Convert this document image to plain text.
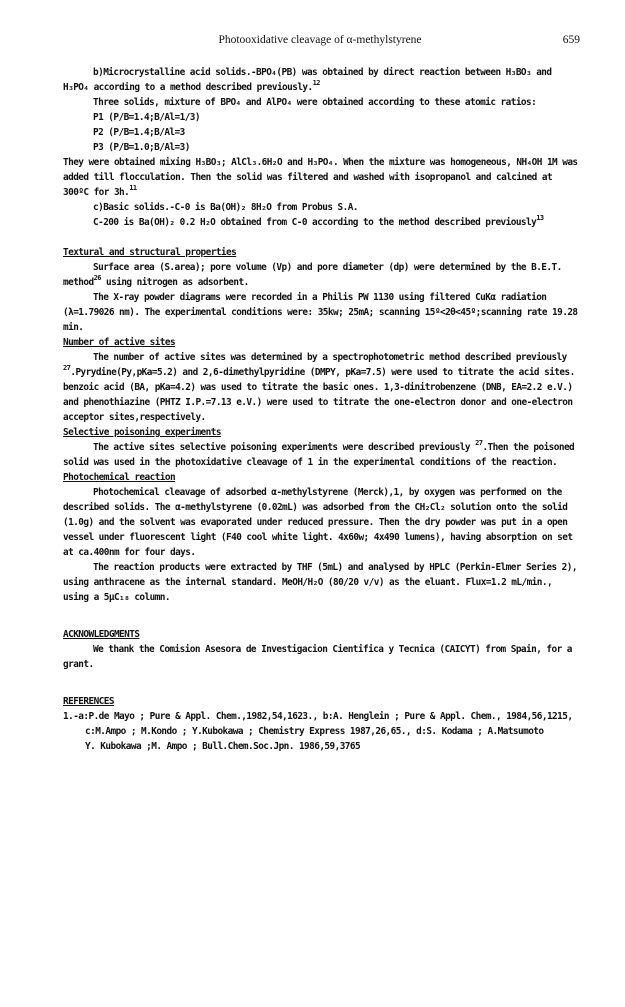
Photooxidative cleavage of α-methylstyrene	659

b)Microcrystalline acid solids.-BPO₄(PB) was obtained by direct reaction between H₃BO₃ and H₃PO₄ according to a method described previously.$^{12}$

Three solids, mixture of BPO₄ and AlPO₄ were obtained according to these atomic ratios:

P1 (P/B=1.4;B/Al=1/3)

P2 (P/B=1.4;B/Al=3

P3 (P/B=1.0;B/Al=3)

They were obtained mixing H₃BO₃; AlCl₃.6H₂O and H₃PO₄. When the mixture was homogeneous, NH₄OH 1M was added till flocculation. Then the solid was filtered and washed with isopropanol and calcined at 300ºC for 3h.$^{11}$

c)Basic solids.-C-0 is Ba(OH)₂ 8H₂O from Probus S.A.

C-200 is Ba(OH)₂ 0.2 H₂O obtained from C-0 according to the method described previously$^{13}$

Textural and structural properties

Surface area (S.area); pore volume (Vp) and pore diameter (dp) were determined by the B.E.T. method$^{26}$ using nitrogen as adsorbent.

The X-ray powder diagrams were recorded in a Philis PW 1130 using filtered CuKα radiation (λ=1.79026 nm). The experimental conditions were: 35kw; 25mA; scanning 15º<2θ<45º;scanning rate 19.28 min.

Number of active sites

The number of active sites was determined by a spectrophotometric method described previously $^{27}$.Pyrydine(Py,pKa=5.2) and 2,6-dimethylpyridine (DMPY, pKa=7.5) were used to titrate the acid sites. benzoic acid (BA, pKa=4.2) was used to titrate the basic ones. 1,3-dinitrobenzene (DNB, EA=2.2 e.V.) and phenothiazine (PHTZ I.P.=7.13 e.V.) were used to titrate the one-electron donor and one-electron acceptor sites,respectively.

Selective poisoning experiments

The active sites selective poisoning experiments were described previously $^{27}$.Then the poisoned solid was used in the photoxidative cleavage of 1 in the experimental conditions of the reaction.

Photochemical reaction

Photochemical cleavage of adsorbed α-methylstyrene (Merck),1, by oxygen was performed on the described solids. The α-methylstyrene (0.02mL) was adsorbed from the CH₂Cl₂ solution onto the solid (1.0g) and the solvent was evaporated under reduced pressure. Then the dry powder was put in a open vessel under fluorescent light (F40 cool white light. 4x60w; 4x490 lumens), having absorption on set at ca.400nm for four days.

The reaction products were extracted by THF (5mL) and analysed by HPLC (Perkin-Elmer Series 2), using anthracene as the internal standard. MeOH/H₂O (80/20 v/v) as the eluant. Flux=1.2 mL/min., using a 5μC₁₈ column.

ACKNOWLEDGMENTS

We thank the Comision Asesora de Investigacion Cientifica y Tecnica (CAICYT) from Spain, for a grant.

REFERENCES

1.-a:P.de Mayo ; Pure & Appl. Chem.,1982,54,1623., b:A. Henglein ; Pure & Appl. Chem., 1984,56,1215,

c:M.Ampo ; M.Kondo ; Y.Kubokawa ; Chemistry Express 1987,26,65., d:S. Kodama ; A.Matsumoto

Y. Kubokawa ;M. Ampo ; Bull.Chem.Soc.Jpn. 1986,59,3765
